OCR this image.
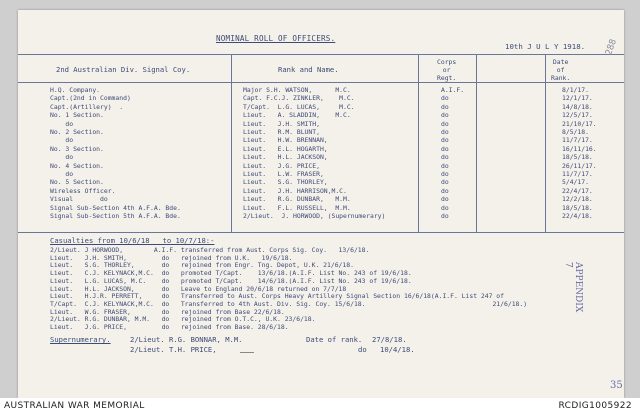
NOMINAL ROLL OF OFFICERS.
10th J U L Y 1918.
2nd Australian Div. Signal Coy.	Rank and Name.
Corps
or
Regt.
Date
of
Rank.
H.Q. Company.	Major S.H. WATSON,      M.C.	A.I.F.	8/1/17.
Capt.(2nd in Command)	Capt. F.C.J. ZINKLER,    M.C.	do	12/1/17.
Capt.(Artillery)  .	T/Capt.  L.G. LUCAS,     M.C.	do	14/8/18.
No. 1 Section.	Lieut.   A. SLADDIN,    M.C.	do	12/5/17.
do	Lieut.   J.H. SMITH,	do	21/10/17.
No. 2 Section.	Lieut.   R.M. BLUNT,	do	8/5/18.
do	Lieut.   H.W. BRENNAN,	do	11/7/17.
No. 3 Section.	Lieut.   E.L. HOGARTH,	do	16/11/16.
do	Lieut.   H.L. JACKSON,	do	18/5/18.
No. 4 Section.	Lieut.   J.G. PRICE,	do	26/11/17.
do	Lieut.   L.W. FRASER,	do	11/7/17.
No. 5 Section.	Lieut.   S.G. THORLEY,	do	5/4/17.
Wireless Officer.	Lieut.   J.H. HARRISON,M.C.	do	22/4/17.
Visual       do	Lieut.   R.G. DUNBAR,   M.M.	do	12/2/18.
Signal Sub-Section 4th A.F.A. Bde.	Lieut.   F.L. RUSSELL,  M.M.	do	18/5/18.
Signal Sub-Section 5th A.F.A. Bde.	2/Lieut.  J. HORWOOD, (Supernumerary)	do	22/4/18.
Casualties from 10/6/18   to 10/7/18:-
2/Lieut. J HORWOOD,        A.I.F. transferred from Aust. Corps Sig. Coy.   13/6/18.
Lieut.   J.H. SMITH,         do   rejoined from U.K.   19/6/18.
Lieut.   S.G. THORLEY,       do   rejoined from Engr. Tng. Depot, U.K. 21/6/18.
Lieut.   C.J. KELYNACK,M.C.  do   promoted T/Capt.    13/6/18.(A.I.F. List No. 243 of 19/6/18.
Lieut.   L.G. LUCAS, M.C.    do   promoted T/Capt.    14/6/18.(A.I.F. List No. 243 of 19/6/18.
Lieut.   H.L. JACKSON,       do   Leave to England 20/6/18 returned on 7/7/18
Lieut.   H.J.R. PERRETT,     do   Transferred to Aust. Corps Heavy Artillery Signal Section 16/6/18(A.I.F. List 247 of
T/Capt.  C.J. KELYNACK,M.C.  do   Transferred to 4th Aust. Div. Sig. Coy. 15/6/18.                                 21/6/18.)
Lieut.   W.G. FRASER,        do   rejoined from Base 22/6/18.
2/Lieut. R.G. DUNBAR, M.M.   do   rejoined from O.T.C., U.K. 23/6/18.
Lieut.   J.G. PRICE,         do   rejoined from Base. 28/6/18.
Supernumerary.	2/Lieut. R.G. BONNAR, M.M.	Date of rank. 27/8/18.
2/Lieut. T.H. PRICE,	do 10/4/18.
288
APPENDIX 7
35
AUSTRALIAN WAR MEMORIAL	RCDIG1005922
